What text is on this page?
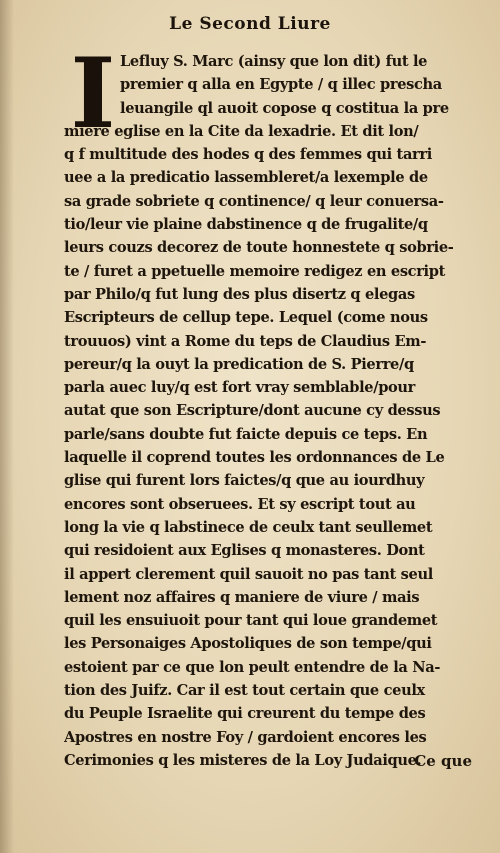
Le Second Liure
I Lefluy S. Marc (ainsy que lon dit) fut le
premier q alla en Egypte / q illec prescha
leuangile ql auoit copose q costitua la pre
miere eglise en la Cite da lexadrie. Et dit lon/
q f multitude des hodes q des femmes qui tarri
uee a la predicatio lassembleret/a lexemple de
sa grade sobriete q continence/ q leur conuersa-
tio/leur vie plaine dabstinence q de frugalite/q
leurs couzs decorez de toute honnestete q sobrie-
te / furet a ppetuelle memoire redigez en escript
par Philo/q fut lung des plus disertz q elegas
Escripteurs de cellup tepe. Lequel (come nous
trouuos) vint a Rome du teps de Claudius Em-
pereur/q la ouyt la predication de S. Pierre/q
parla auec luy/q est fort vray semblable/pour
autat que son Escripture/dont aucune cy dessus
parle/sans doubte fut faicte depuis ce teps. En
laquelle il coprend toutes les ordonnances de Le
glise qui furent lors faictes/q que au iourdhuy
encores sont obseruees. Et sy escript tout au
long la vie q labstinece de ceulx tant seullemet
qui residoient aux Eglises q monasteres. Dont
il appert clerement quil sauoit no pas tant seul
lement noz affaires q maniere de viure / mais
quil les ensuiuoit pour tant qui loue grandemet
les Personaiges Apostoliques de son tempe/qui
estoient par ce que lon peult entendre de la Na-
tion des Juifz. Car il est tout certain que ceulx
du Peuple Israelite qui creurent du tempe des
Apostres en nostre Foy / gardoient encores les
Cerimonies q les misteres de la Loy Judaique.
Ce que
